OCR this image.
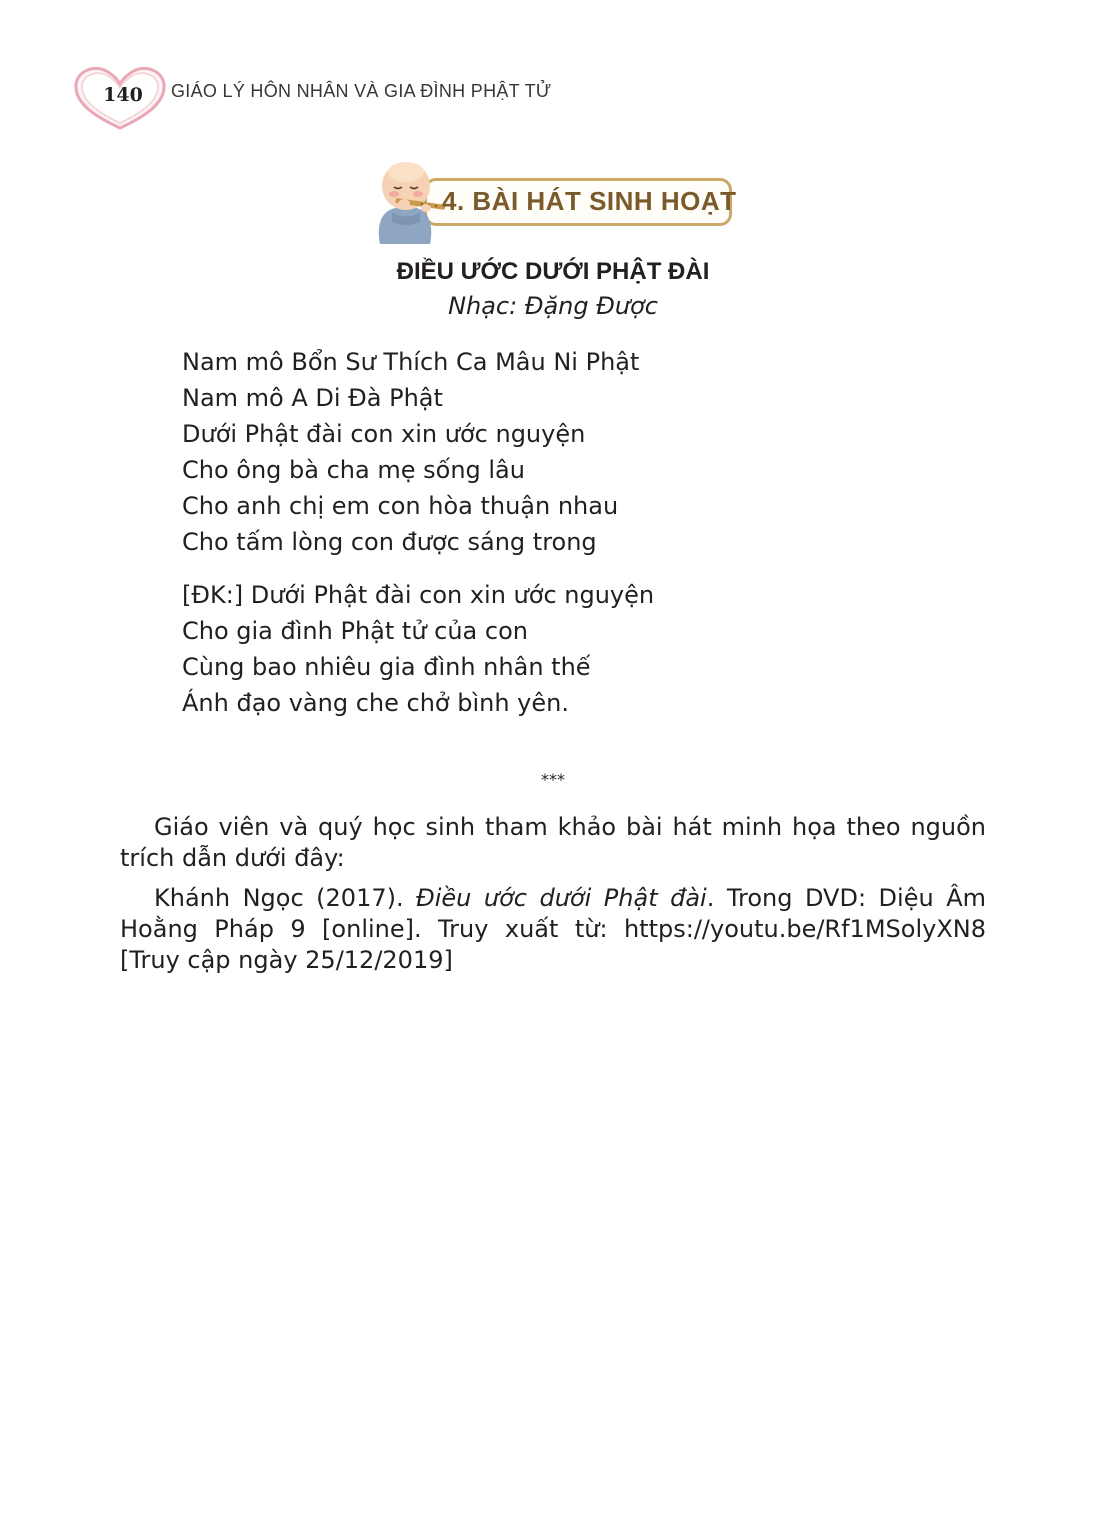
140	GIÁO LÝ HÔN NHÂN VÀ GIA ĐÌNH PHẬT TỬ
4. BÀI HÁT SINH HOẠT
ĐIỀU ƯỚC DƯỚI PHẬT ĐÀI
Nhạc: Đặng Được
Nam mô Bổn Sư Thích Ca Mâu Ni Phật
Nam mô A Di Đà Phật
Dưới Phật đài con xin ước nguyện
Cho ông bà cha mẹ sống lâu
Cho anh chị em con hòa thuận nhau
Cho tấm lòng con được sáng trong
[ĐK:] Dưới Phật đài con xin ước nguyện
Cho gia đình Phật tử của con
Cùng bao nhiêu gia đình nhân thế
Ánh đạo vàng che chở bình yên.
***

Giáo viên và quý học sinh tham khảo bài hát minh họa theo nguồn trích dẫn dưới đây:

Khánh Ngọc (2017). Điều ước dưới Phật đài. Trong DVD: Diệu Âm Hoằng Pháp 9 [online]. Truy xuất từ: https://youtu.be/Rf1MSolyXN8 [Truy cập ngày 25/12/2019]
